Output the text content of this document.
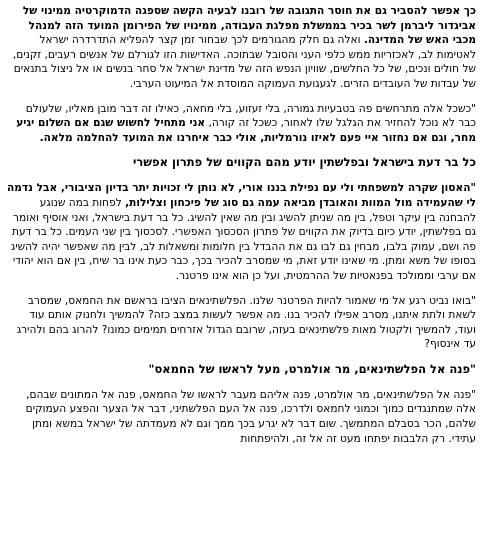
כך אפשר להסביר גם את חוסר התגובה של רובנו לבעיה הקשה שספגה הדמוקרטיה ממינוי של אביגדור ליברמן לשר בכיר בממשלת מפלגת העבודה, ממינויו של הפירומן המועד הזה למנהל מכבי האש של המדינה. ואלה גם חלק מהגורמים לכך שבחור זמן קצר להפליא התדרדרה ישראל לאטימות לב, לאכזריות ממש כלפי העני והסובל שבתוכה. האדישות הזו לגורלם של אנשים רעבים, זקנים, של חולים ונכים, של כל החלשים, שוויון הנפש הזה של מדינת ישראל אל סחר בנשים או אל ניצול בתנאים של עבדות של העובדים הזרים. לגעגועת העמוקה המוסדת אל המיעוט הערבי.

"כשכל אלה מתרחשים פה בטבעיות גמורה, בלי זעזוע, בלי מחאה, כאילו זה דבר מובן מאליו, שלעולם כבר לא נוכל להחזיר את הגלגל שלו לאחור, כשכל זה קורה, אני מתחיל לחשוש שגם אם השלום יגיע מחר, וגם אם נחזור איי פעם לאיזו נורמליות, אולי כבר איחרנו את המועד להחלמה מלאה.

כל בר דעת בישראל ובפלשתין יודע מהם הקווים של פתרון אפשרי

"האסון שקרה למשפחתי ולי עם נפילת בננו אורי, לא נותן לי זכויות יתר בדיון הציבורי, אבל נדמה לי שהעמידה מול המוות והאובדן מביאה עמה גם סוג של פיכחון וצלילות, לפחות במה שנוגע להבחנה בין עיקר וטפל, בין מה שניתן להשיג ובין מה שאין להשיג. כל בר דעת בישראל, ואני אוסיף ואומר גם בפלשתין, יודע כיום בדיוק את הקווים של פתרון הסכסוך האפשרי. לסכסוך בין שני העמים. כל בר דעת פה ושם, עמוק בלבו, מבחין גם לבו גם את ההבדל בין חלומות ומשאלות לב, לבין מה שאפשר יהיה להשיג בסופו של משא ומתן. מי שאינו יודע זאת, מי שמסרב להכיר בכך, כבר כעת אינו בר שיח, בין אם הוא יהודי אם ערבי וממולכד בפנאטיות של ההרמטית, ועל כן הוא אינו פרטנר.

"בואו נביט רגע אל מי שאמור להיות הפרטנר שלנו. הפלשתינאים הציבו בראשם את החמאס, שמסרב לשאת ולתת איתנו, מסרב אפילו להכיר בנו. מה אפשר לעשות במצב כזה? להמשיך ולחנוק אותם עוד ועוד, להמשיך ולקטול מאות פלשתינאים בעזה, שרובם הגדול אזרחים תמימים כמונו? להרוג בהם ולהירג עד אינסוף?

"פנה אל הפלשתינאים, מר אולמרט, מעל לראשו של החמאס"

"פנה אל הפלשתינאים, מר אולמרט, פנה אליהם מעבר לראשו של החמאס, פנה אל המתונים שבהם, אלה שמתנגדים כמוך וכמוני לחמאס ולדרכו, פנה אל העם הפלשתיני, דבר אל הצער והפצע העמוקים שלהם, הכר בסבלם המתמשך. שום דבר לא יגרע בכך ממך וגם לא מעמדתה של ישראל במשא ומתן עתידי. רק הלבבות יפתחו מעט זה אל זה, ולהיפתחות
